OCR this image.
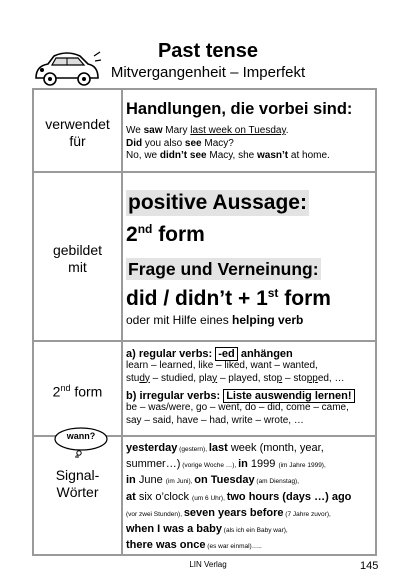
Past tense
Mitvergangenheit – Imperfekt
verwendet
für
Handlungen, die vorbei sind:
We saw Mary last week on Tuesday.
Did you also see Macy?
No, we didn’t see Macy, she wasn’t at home.
gebildet
mit
positive Aussage:
2nd form
Frage und Verneinung:
did / didn’t + 1st form
oder mit Hilfe eines helping verb
2nd form
a) regular verbs: -ed anhängen
learn – learned, like – liked, want – wanted,
study – studied, play – played, stop – stopped, …
b) irregular verbs: Liste auswendig lernen!
be – was/were, go – went, do – did, come – came,
say – said, have – had, write – wrote, …
wann?
Signal-
Wörter
yesterday (gestern), last week (month, year,
summer…) (vorige Woche …), in 1999 (im Jahre 1999),
in June (im Juni), on Tuesday (am Dienstag),
at six o’clock (um 6 Uhr), two hours (days …) ago
(vor zwei Stunden), seven years before (7 Jahre zuvor),
when I was a baby (als ich ein Baby war),
there was once (es war einmal)…..
LIN Verlag	145
